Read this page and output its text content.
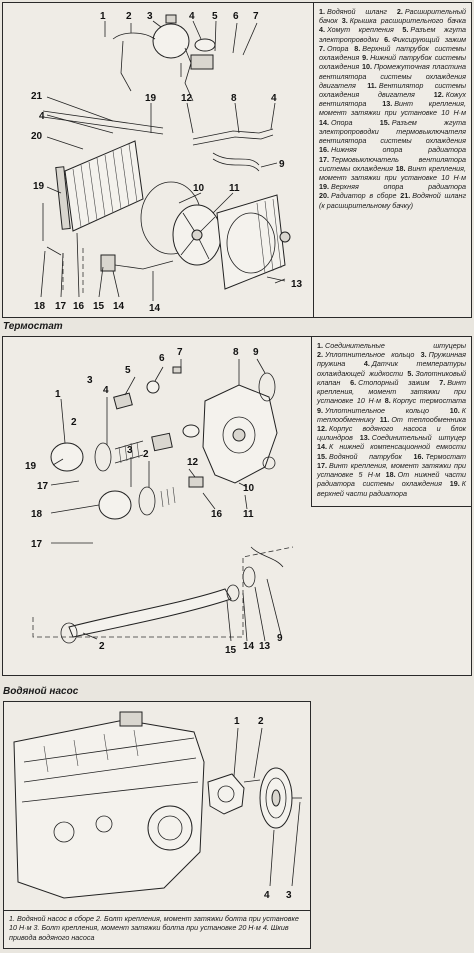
1 2 3	4 5 6 7
21
4
19
20
12
19
8	4
9
10 11
13
18 17 16 15 14 14
1. Водяной шланг 2. Расширительный бачок 3. Крышка расширительного бачка 4. Хомут крепления 5. Разъем жгута электропроводки 6. Фиксирующий зажим 7. Опора 8. Верхний патрубок системы охлаждения 9. Нижний патрубок системы охлаждения 10. Промежуточная пластина вентилятора системы охлаждения двигателя 11. Вентилятор системы охлаждения двигателя	12. Кожух вентилятора 13. Винт крепления, момент затяжки при установке 10 Н·м 14. Опора	15. Разъем жгута электропроводки термовыключателя вентилятора системы охлаждения 16. Нижняя опора радиатора 17. Термовыключатель вентилятора системы охлаждения 18. Винт крепления, момент затяжки при установке 10 Н·м 19. Верхняя опора радиатора 20. Радиатор в сборе 21. Водяной шланг (к расширительному бачку)
Термостат
8 9
7
6
5
4
3
1
2
19
17
18
17
2
3
12
16 11
10
2	15 14 13
9
1. Соединительные штуцеры 2. Уплотнительное кольцо 3. Пружинная пружина	4. Датчик температуры охлаждающей жидкости 5. Золотниковый клапан 6. Стопорный зажим 7. Винт крепления, момент затяжки при установке 10 Н·м 8. Корпус термостата 9. Уплотнительное кольцо	10. К теплообменнику 11. От теплообменника 12. Корпус водяного насоса и блок цилиндров 13. Соединительный штуцер 14. К нижней компенсационной емкости 15. Водяной патрубок 16. Термостат 17. Винт крепления, момент затяжки при установке 5 Н·м 18. От нижней части радиатора системы охлаждения 19. К верхней части радиатора
Водяной насос
1 2
4 3
1. Водяной насос в сборе 2. Болт крепления, момент затяжки болта при установке 10 Н·м 3. Болт крепления, момент затяжки болта при установке 20 Н·м 4. Шкив привода водяного насоса
